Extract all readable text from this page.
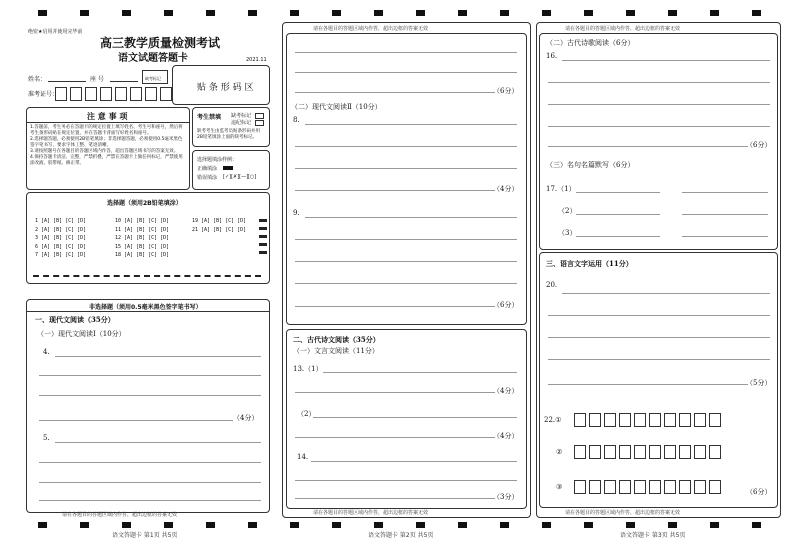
绝密★启用并使用完毕前
高三教学质量检测考试
语文试题答题卡	2021.11
姓名：	座 号	缺考标记
准考证号：
贴 条 形 码 区
注 意 事 项
1.答题前，考生务必在答题卡的规定位置上填写姓名、考生号和座号，然后将考生条形码贴在规定位置，并在答题卡背面写好姓名和座号。
2.选择题答题，必须使用2B铅笔填涂；非选择题答题，必须使用0.5毫米黑色签字笔书写，要求字体工整、笔迹清晰。
3.请按照题号在各题目的答题区域内作答，超出答题区域书写的答案无效。
4.保持答题卡清洁、完整，严禁折叠，严禁在答题卡上做任何标记，严禁使用涂改液、胶带纸、修正带。
考生禁填 缺考标记
违纪标记
缺考考生由监考员贴条形码并用2B铅笔填涂上面的缺考标记。
选择题填涂样例：
正确填涂
错误填涂 [✓][✗][—][○]
选择题（须用2B铅笔填涂）
1 [A] [B] [C] [D]
2 [A] [B] [C] [D]
3 [A] [B] [C] [D]
6 [A] [B] [C] [D]
7 [A] [B] [C] [D]
10 [A] [B] [C] [D]
11 [A] [B] [C] [D]
12 [A] [B] [C] [D]
15 [A] [B] [C] [D]
18 [A] [B] [C] [D]
19 [A] [B] [C] [D]
21 [A] [B] [C] [D]
非选择题（须用0.5毫米黑色签字笔书写）
一、现代文阅读（35分）
（一）现代文阅读Ⅰ（10分）
4.
（4分）
5.
请在各题目的答题区域内作答，超出边框的答案无效
语文答题卡 第1页 共5页
请在各题目的答题区域内作答，超出边框的答案无效
（6分）
（二）现代文阅读Ⅱ（10分）
8.
（4分）
9.
（6分）
二、古代诗文阅读（35分）
（一）文言文阅读（11分）
13.（1）
（4分）
（2）
（4分）
14.
（3分）
请在各题目的答题区域内作答，超出边框的答案无效
语文答题卡 第2页 共5页
请在各题目的答题区域内作答，超出边框的答案无效
（二）古代诗歌阅读（6分）
16.
（6分）
（三）名句名篇默写（6分）
17.（1）
（2）
（3）
三、语言文字运用（11分）
20.
（5分）
22.①
②
③
（6分）
请在各题目的答题区域内作答，超出边框的答案无效
语文答题卡 第3页 共5页
